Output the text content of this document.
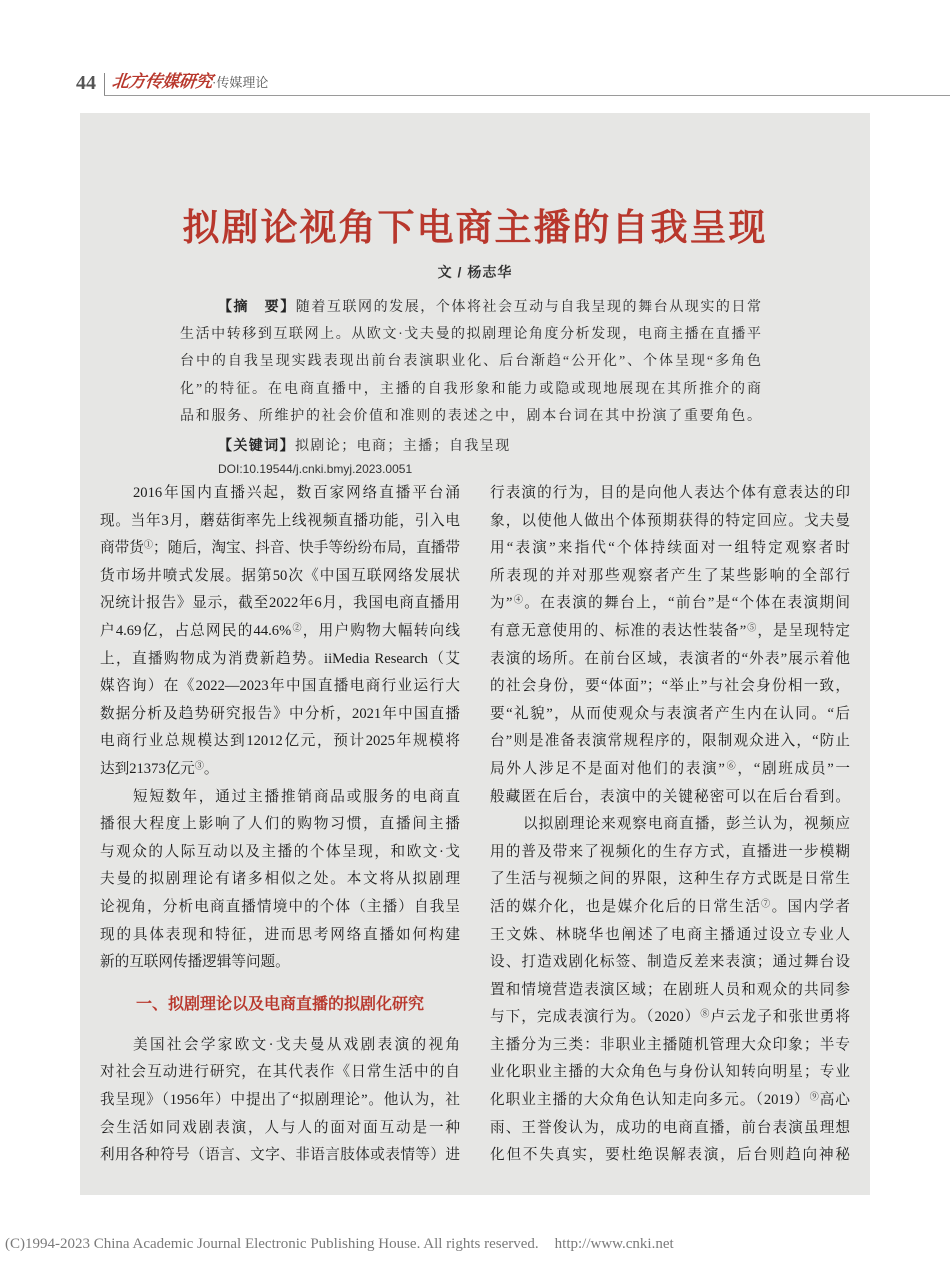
44 北方传媒研究
·传媒理论
拟剧论视角下电商主播的自我呈现
文 / 杨志华
【摘　要】随着互联网的发展，个体将社会互动与自我呈现的舞台从现实的日常
生活中转移到互联网上。从欧文·戈夫曼的拟剧理论角度分析发现，电商主播在直播平
台中的自我呈现实践表现出前台表演职业化、后台渐趋“公开化”、个体呈现“多角色
化”的特征。在电商直播中，主播的自我形象和能力或隐或现地展现在其所推介的商
品和服务、所维护的社会价值和准则的表述之中，剧本台词在其中扮演了重要角色。
【关键词】拟剧论；电商；主播；自我呈现
DOI:10.19544/j.cnki.bmyj.2023.0051
2016年国内直播兴起，数百家网络直播平台涌
现。当年3月，蘑菇街率先上线视频直播功能，引入电
商带货①；随后，淘宝、抖音、快手等纷纷布局，直播带
货市场井喷式发展。据第50次《中国互联网络发展状
况统计报告》显示，截至2022年6月，我国电商直播用
户4.69亿，占总网民的44.6%②，用户购物大幅转向线
上，直播购物成为消费新趋势。iiMedia Research（艾
媒咨询）在《2022—2023年中国直播电商行业运行大
数据分析及趋势研究报告》中分析，2021年中国直播
电商行业总规模达到12012亿元，预计2025年规模将
达到21373亿元③。
短短数年，通过主播推销商品或服务的电商直
播很大程度上影响了人们的购物习惯，直播间主播
与观众的人际互动以及主播的个体呈现，和欧文·戈
夫曼的拟剧理论有诸多相似之处。本文将从拟剧理
论视角，分析电商直播情境中的个体（主播）自我呈
现的具体表现和特征，进而思考网络直播如何构建
新的互联网传播逻辑等问题。
一、拟剧理论以及电商直播的拟剧化研究
美国社会学家欧文·戈夫曼从戏剧表演的视角
对社会互动进行研究，在其代表作《日常生活中的自
我呈现》（1956年）中提出了“拟剧理论”。他认为，社
会生活如同戏剧表演，人与人的面对面互动是一种
利用各种符号（语言、文字、非语言肢体或表情等）进
行表演的行为，目的是向他人表达个体有意表达的印
象，以使他人做出个体预期获得的特定回应。戈夫曼
用“表演”来指代“个体持续面对一组特定观察者时
所表现的并对那些观察者产生了某些影响的全部行
为”④。在表演的舞台上，“前台”是“个体在表演期间
有意无意使用的、标准的表达性装备”⑤，是呈现特定
表演的场所。在前台区域，表演者的“外表”展示着他
的社会身份，要“体面”；“举止”与社会身份相一致，
要“礼貌”，从而使观众与表演者产生内在认同。“后
台”则是准备表演常规程序的，限制观众进入，“防止
局外人涉足不是面对他们的表演”⑥，“剧班成员”一
般藏匿在后台，表演中的关键秘密可以在后台看到。
以拟剧理论来观察电商直播，彭兰认为，视频应
用的普及带来了视频化的生存方式，直播进一步模糊
了生活与视频之间的界限，这种生存方式既是日常生
活的媒介化，也是媒介化后的日常生活⑦。国内学者
王文姝、林晓华也阐述了电商主播通过设立专业人
设、打造戏剧化标签、制造反差来表演；通过舞台设
置和情境营造表演区域；在剧班人员和观众的共同参
与下，完成表演行为。（2020）⑧卢云龙子和张世勇将
主播分为三类：非职业主播随机管理大众印象；半专
业化职业主播的大众角色与身份认知转向明星；专业
化职业主播的大众角色认知走向多元。（2019）⑨高心
雨、王誉俊认为，成功的电商直播，前台表演虽理想
化但不失真实，要杜绝误解表演，后台则趋向神秘
(C)1994-2023 China Academic Journal Electronic Publishing House. All rights reserved. http://www.cnki.net
